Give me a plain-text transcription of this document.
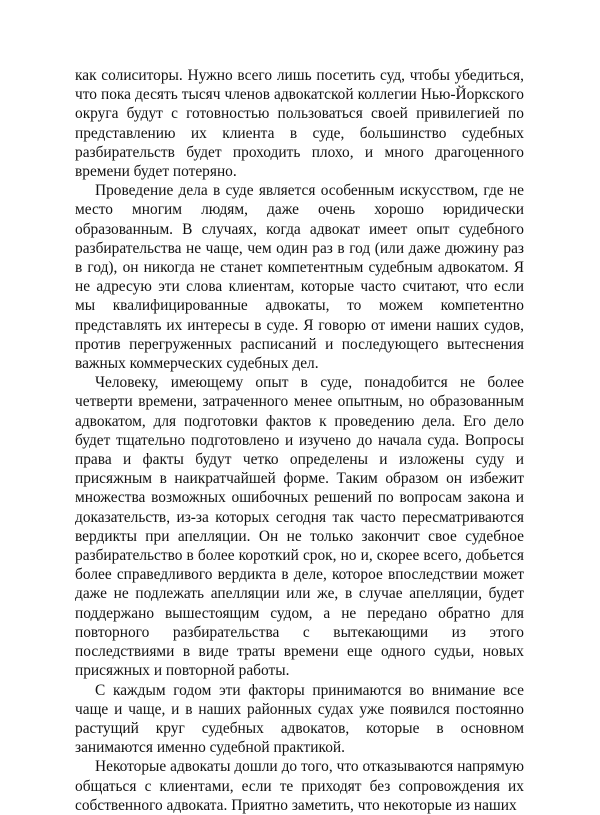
как солиситоры. Нужно всего лишь посетить суд, чтобы убедиться, что пока десять тысяч членов адвокатской коллегии Нью-Йоркского округа будут с готовностью пользоваться своей привилегией по представлению их клиента в суде, большинство судебных разбирательств будет проходить плохо, и много драгоценного времени будет потеряно.

Проведение дела в суде является особенным искусством, где не место многим людям, даже очень хорошо юридически образованным. В случаях, когда адвокат имеет опыт судебного разбирательства не чаще, чем один раз в год (или даже дюжину раз в год), он никогда не станет компетентным судебным адвокатом. Я не адресую эти слова клиентам, которые часто считают, что если мы квалифицированные адвокаты, то можем компетентно представлять их интересы в суде. Я говорю от имени наших судов, против перегруженных расписаний и последующего вытеснения важных коммерческих судебных дел.

Человеку, имеющему опыт в суде, понадобится не более четверти времени, затраченного менее опытным, но образованным адвокатом, для подготовки фактов к проведению дела. Его дело будет тщательно подготовлено и изучено до начала суда. Вопросы права и факты будут четко определены и изложены суду и присяжным в наикратчайшей форме. Таким образом он избежит множества возможных ошибочных решений по вопросам закона и доказательств, из-за которых сегодня так часто пересматриваются вердикты при апелляции. Он не только закончит свое судебное разбирательство в более короткий срок, но и, скорее всего, добьется более справедливого вердикта в деле, которое впоследствии может даже не подлежать апелляции или же, в случае апелляции, будет поддержано вышестоящим судом, а не передано обратно для повторного разбирательства с вытекающими из этого последствиями в виде траты времени еще одного судьи, новых присяжных и повторной работы.

С каждым годом эти факторы принимаются во внимание все чаще и чаще, и в наших районных судах уже появился постоянно растущий круг судебных адвокатов, которые в основном занимаются именно судебной практикой.

Некоторые адвокаты дошли до того, что отказываются напрямую общаться с клиентами, если те приходят без сопровождения их собственного адвоката. Приятно заметить, что некоторые из наших
